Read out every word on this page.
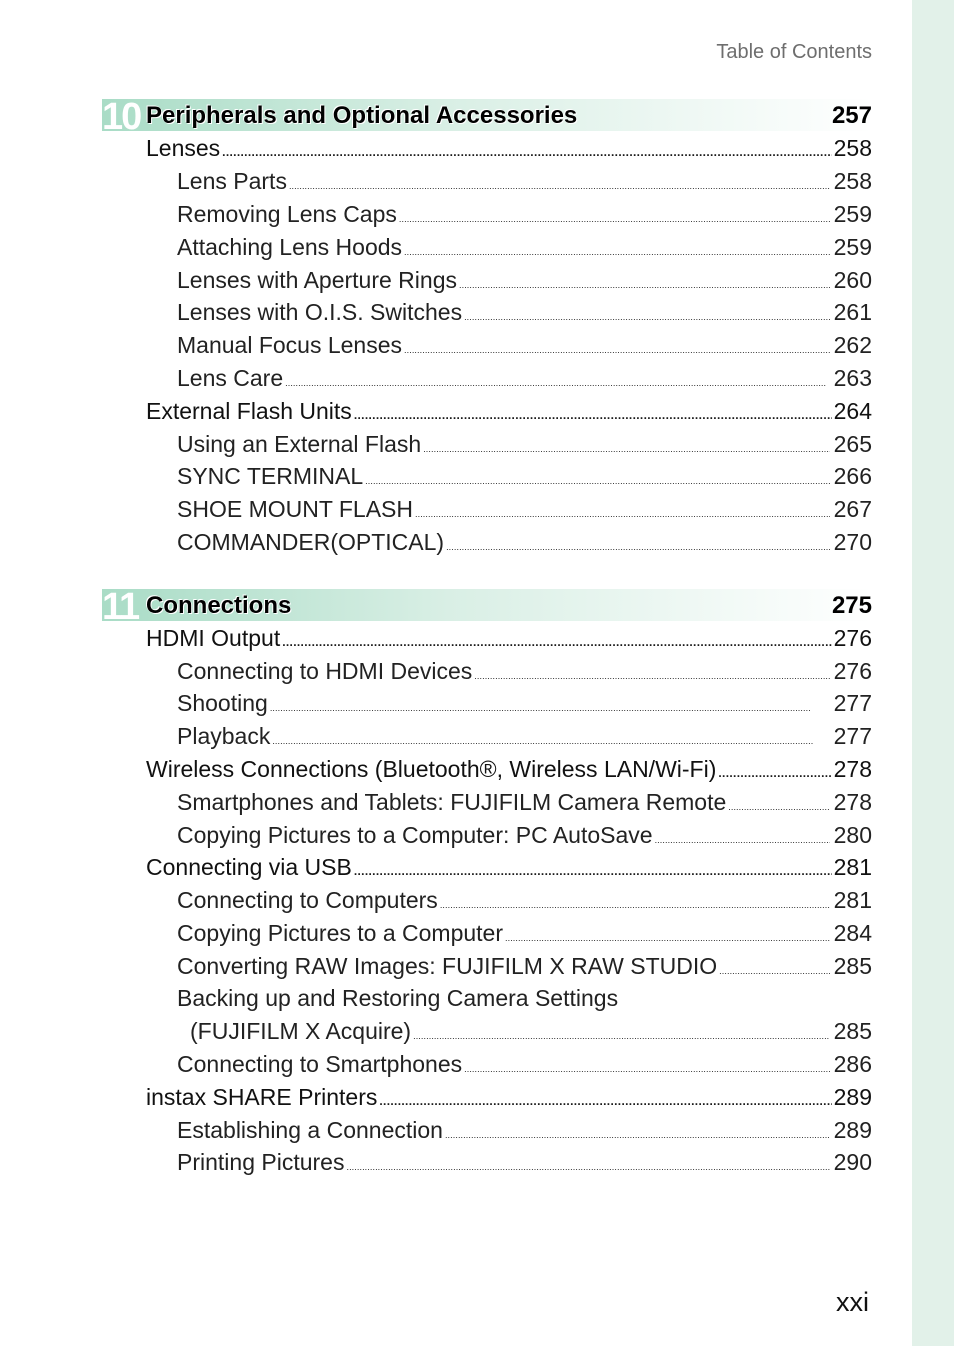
Table of Contents
10 Peripherals and Optional Accessories	257
Lenses . . .	258
Lens Parts . . .	258
Removing Lens Caps . . .	259
Attaching Lens Hoods . . .	259
Lenses with Aperture Rings . . .	260
Lenses with O.I.S. Switches . . .	261
Manual Focus Lenses . . .	262
Lens Care . . .	263
External Flash Units . . .	264
Using an External Flash . . .	265
SYNC TERMINAL . . .	266
SHOE MOUNT FLASH . . .	267
COMMANDER(OPTICAL) . . .	270
11 Connections	275
HDMI Output . . .	276
Connecting to HDMI Devices . . .	276
Shooting . . .	277
Playback . . .	277
Wireless Connections (Bluetooth®, Wireless LAN/Wi-Fi) . . .	278
Smartphones and Tablets: FUJIFILM Camera Remote . . .	278
Copying Pictures to a Computer: PC AutoSave . . .	280
Connecting via USB . . .	281
Connecting to Computers . . .	281
Copying Pictures to a Computer . . .	284
Converting RAW Images: FUJIFILM X RAW STUDIO . . .	285
Backing up and Restoring Camera Settings
(FUJIFILM X Acquire) . . .	285
Connecting to Smartphones . . .	286
instax SHARE Printers . . .	289
Establishing a Connection . . .	289
Printing Pictures . . .	290
xxi
